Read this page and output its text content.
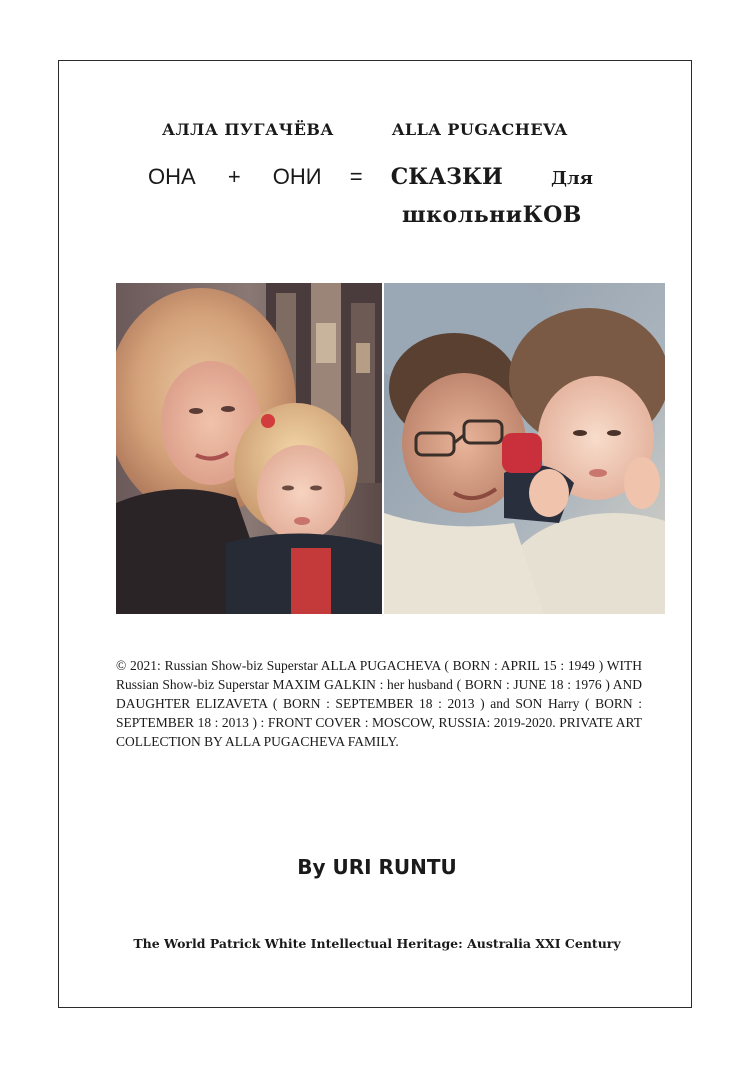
АЛЛА ПУГАЧЁВА	ALLA PUGACHEVA
ОНА + ОНИ = СКАЗКИ	Для
школьниКОВ
© 2021: Russian Show-biz Superstar ALLA PUGACHEVA ( BORN : APRIL 15 : 1949 ) WITH Russian Show-biz Superstar MAXIM GALKIN : her husband ( BORN : JUNE 18 : 1976 ) AND DAUGHTER ELIZAVETA ( BORN : SEPTEMBER 18 : 2013 ) and SON Harry ( BORN : SEPTEMBER 18 : 2013 ) : FRONT COVER : MOSCOW, RUSSIA: 2019-2020. PRIVATE ART COLLECTION BY ALLA PUGACHEVA FAMILY.
By URI RUNTU
The World Patrick White Intellectual Heritage: Australia XXI Century
